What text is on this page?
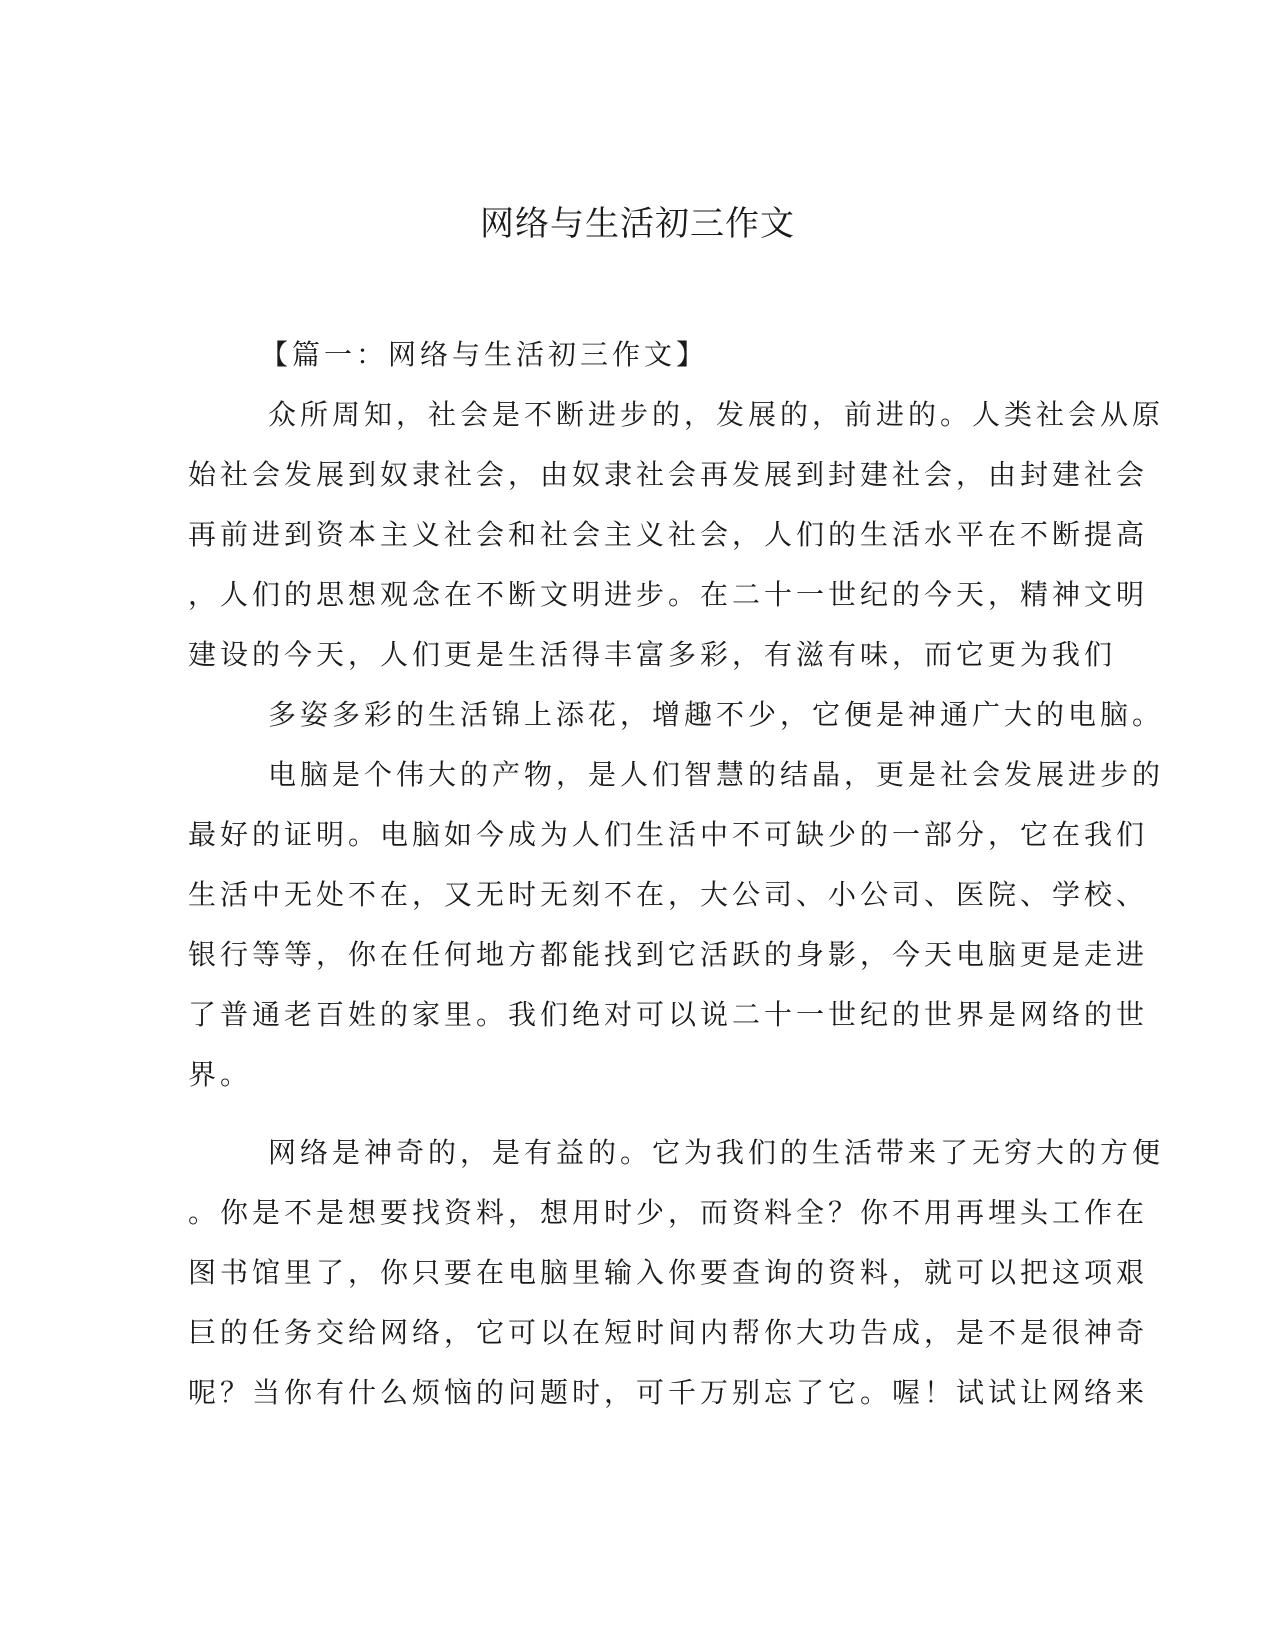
网络与生活初三作文
【篇一：网络与生活初三作文】
众所周知，社会是不断进步的，发展的，前进的。人类社会从原
始社会发展到奴隶社会，由奴隶社会再发展到封建社会，由封建社会
再前进到资本主义社会和社会主义社会，人们的生活水平在不断提高
，人们的思想观念在不断文明进步。在二十一世纪的今天，精神文明
建设的今天，人们更是生活得丰富多彩，有滋有味，而它更为我们
多姿多彩的生活锦上添花，增趣不少，它便是神通广大的电脑。
电脑是个伟大的产物，是人们智慧的结晶，更是社会发展进步的
最好的证明。电脑如今成为人们生活中不可缺少的一部分，它在我们
生活中无处不在，又无时无刻不在，大公司、小公司、医院、学校、
银行等等，你在任何地方都能找到它活跃的身影，今天电脑更是走进
了普通老百姓的家里。我们绝对可以说二十一世纪的世界是网络的世
界。
网络是神奇的，是有益的。它为我们的生活带来了无穷大的方便
。你是不是想要找资料，想用时少，而资料全？你不用再埋头工作在
图书馆里了，你只要在电脑里输入你要查询的资料，就可以把这项艰
巨的任务交给网络，它可以在短时间内帮你大功告成，是不是很神奇
呢？当你有什么烦恼的问题时，可千万别忘了它。喔！试试让网络来
